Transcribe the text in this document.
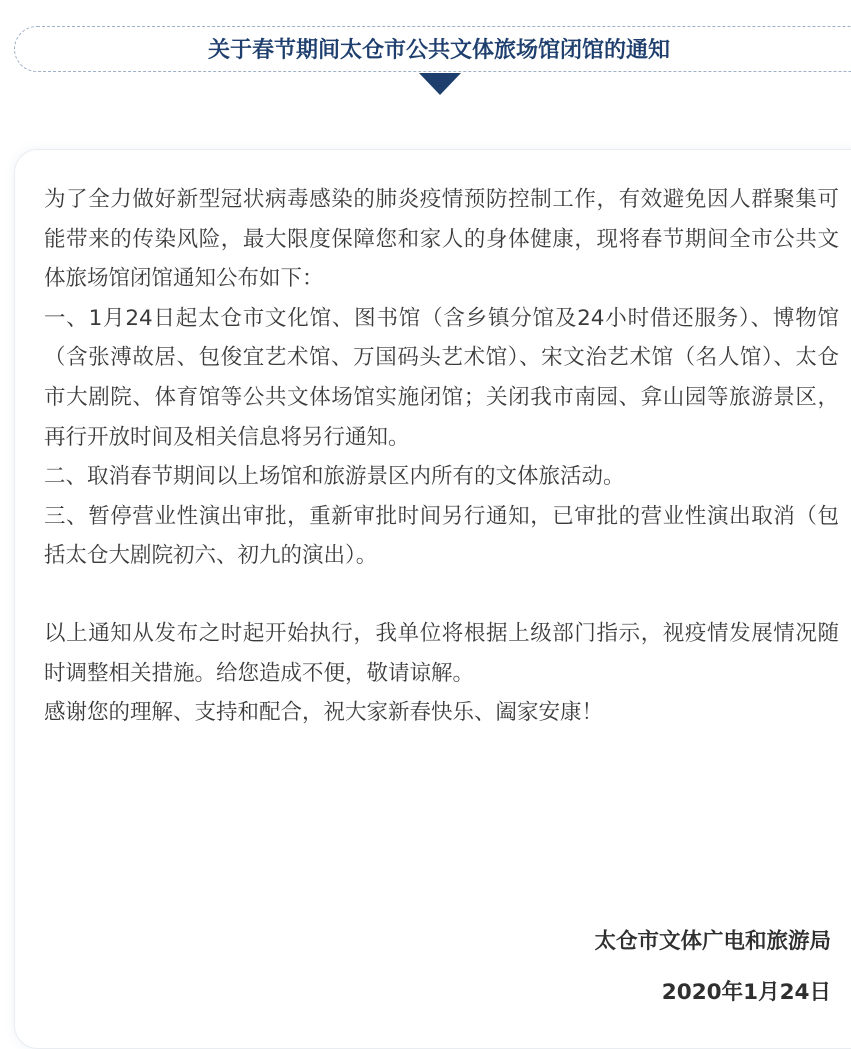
关于春节期间太仓市公共文体旅场馆闭馆的通知

为了全力做好新型冠状病毒感染的肺炎疫情预防控制工作，有效避免因人群聚集可能带来的传染风险，最大限度保障您和家人的身体健康，现将春节期间全市公共文体旅场馆闭馆通知公布如下：

一、1月24日起太仓市文化馆、图书馆（含乡镇分馆及24小时借还服务）、博物馆（含张溥故居、包俊宜艺术馆、万国码头艺术馆）、宋文治艺术馆（名人馆）、太仓市大剧院、体育馆等公共文体场馆实施闭馆；关闭我市南园、弇山园等旅游景区，再行开放时间及相关信息将另行通知。

二、取消春节期间以上场馆和旅游景区内所有的文体旅活动。

三、暂停营业性演出审批，重新审批时间另行通知，已审批的营业性演出取消（包括太仓大剧院初六、初九的演出）。

以上通知从发布之时起开始执行，我单位将根据上级部门指示，视疫情发展情况随时调整相关措施。给您造成不便，敬请谅解。

感谢您的理解、支持和配合，祝大家新春快乐、阖家安康！

太仓市文体广电和旅游局
2020年1月24日
